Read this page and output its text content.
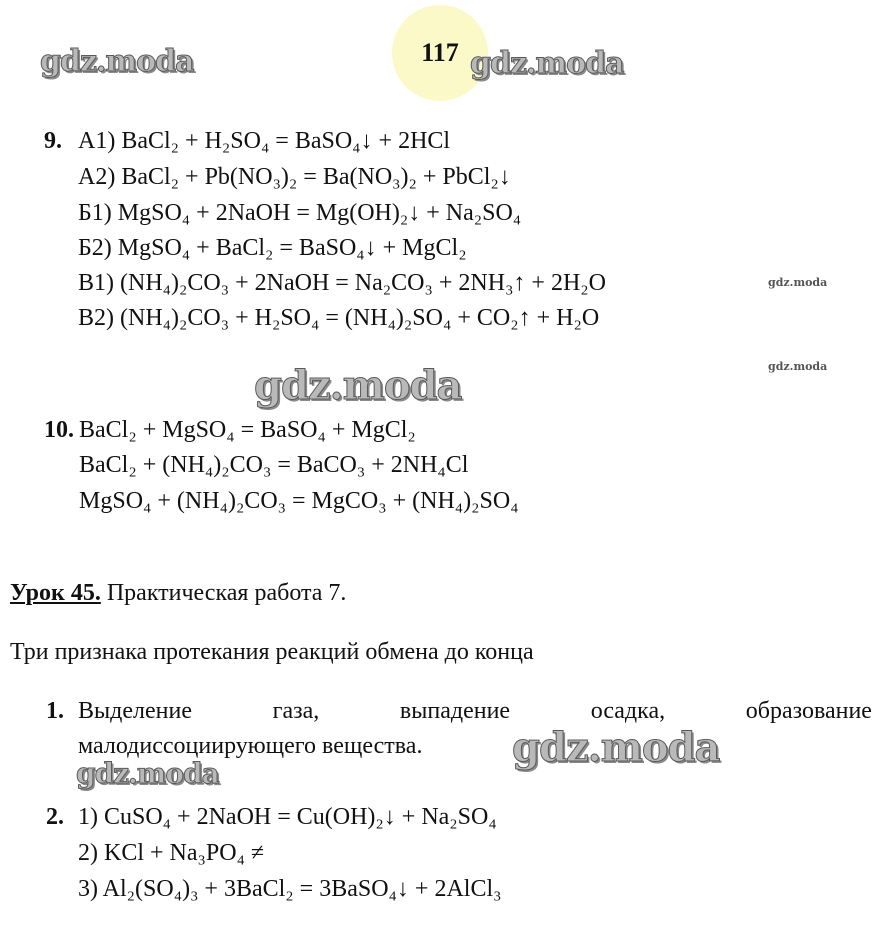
117
gdz.moda	gdz.moda
gdz.moda
gdz.moda
gdz.moda
gdz.moda
gdz.moda
9. А1) BaCl₂ + H₂SO₄ = BaSO₄↓ + 2HCl
А2) BaCl₂ + Pb(NO₃)₂ = Ba(NO₃)₂ + PbCl₂↓
Б1) MgSO₄ + 2NaOH = Mg(OH)₂↓ + Na₂SO₄
Б2) MgSO₄ + BaCl₂ = BaSO₄↓ + MgCl₂
В1) (NH₄)₂CO₃ + 2NaOH = Na₂CO₃ + 2NH₃↑ + 2H₂O
В2) (NH₄)₂CO₃ + H₂SO₄ = (NH₄)₂SO₄ + CO₂↑ + H₂O
10. BaCl₂ + MgSO₄ = BaSO₄ + MgCl₂
BaCl₂ + (NH₄)₂CO₃ = BaCO₃ + 2NH₄Cl
MgSO₄ + (NH₄)₂CO₃ = MgCO₃ + (NH₄)₂SO₄
Урок 45. Практическая работа 7.
Три признака протекания реакций обмена до конца
1. Выделение	газа,	выпадение	осадка,	образование
малодиссоциирующего вещества.
2. 1) CuSO₄ + 2NaOH = Cu(OH)₂↓ + Na₂SO₄
2) KCl + Na₃PO₄ ≠
3) Al₂(SO₄)₃ + 3BaCl₂ = 3BaSO₄↓ + 2AlCl₃
